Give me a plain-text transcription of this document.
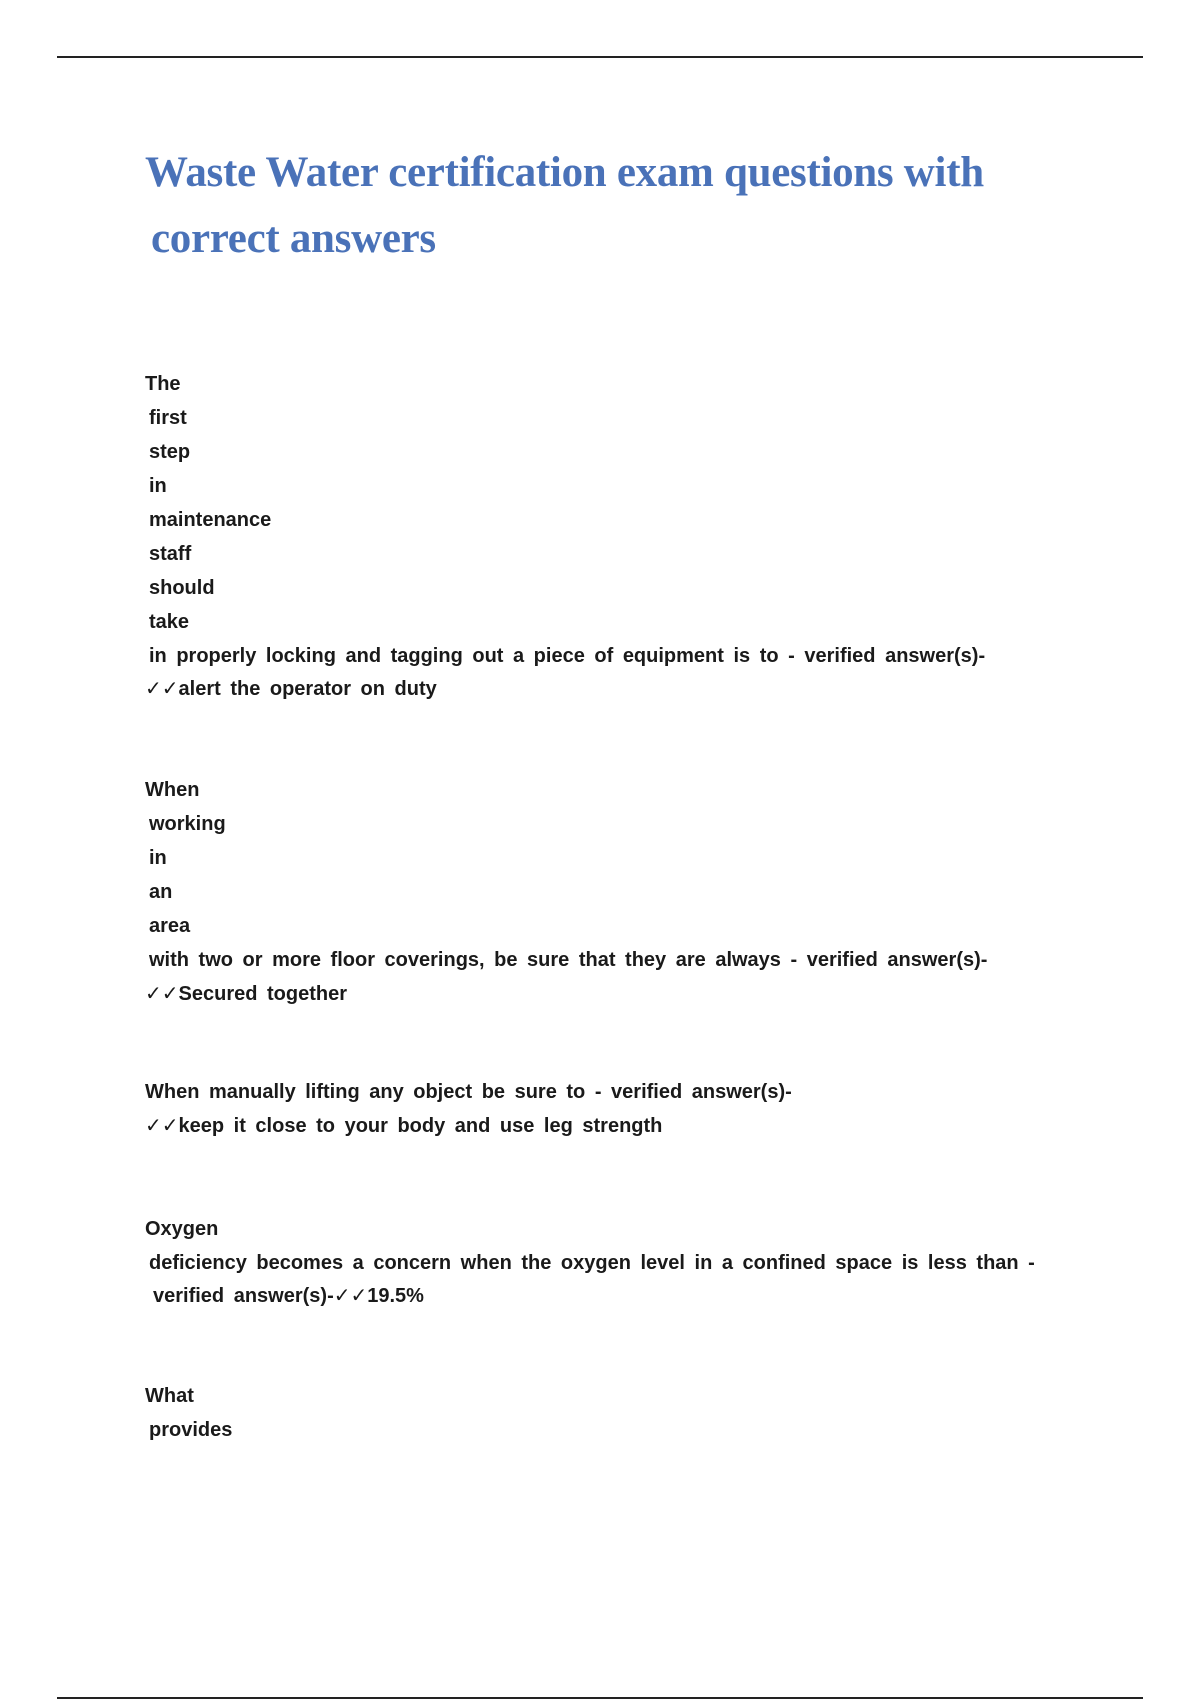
Waste Water certification exam questions with
correct answers
The
first
step
in
maintenance
staff
should
take
in properly locking and tagging out a piece of equipment is to - verified answer(s)-
✓✓alert the operator on duty
When
working
in
an
area
with two or more floor coverings, be sure that they are always - verified answer(s)-
✓✓Secured together
When manually lifting any object be sure to - verified answer(s)-
✓✓keep it close to your body and use leg strength
Oxygen
deficiency becomes a concern when the oxygen level in a confined space is less than -
verified answer(s)-✓✓19.5%
What
provides
